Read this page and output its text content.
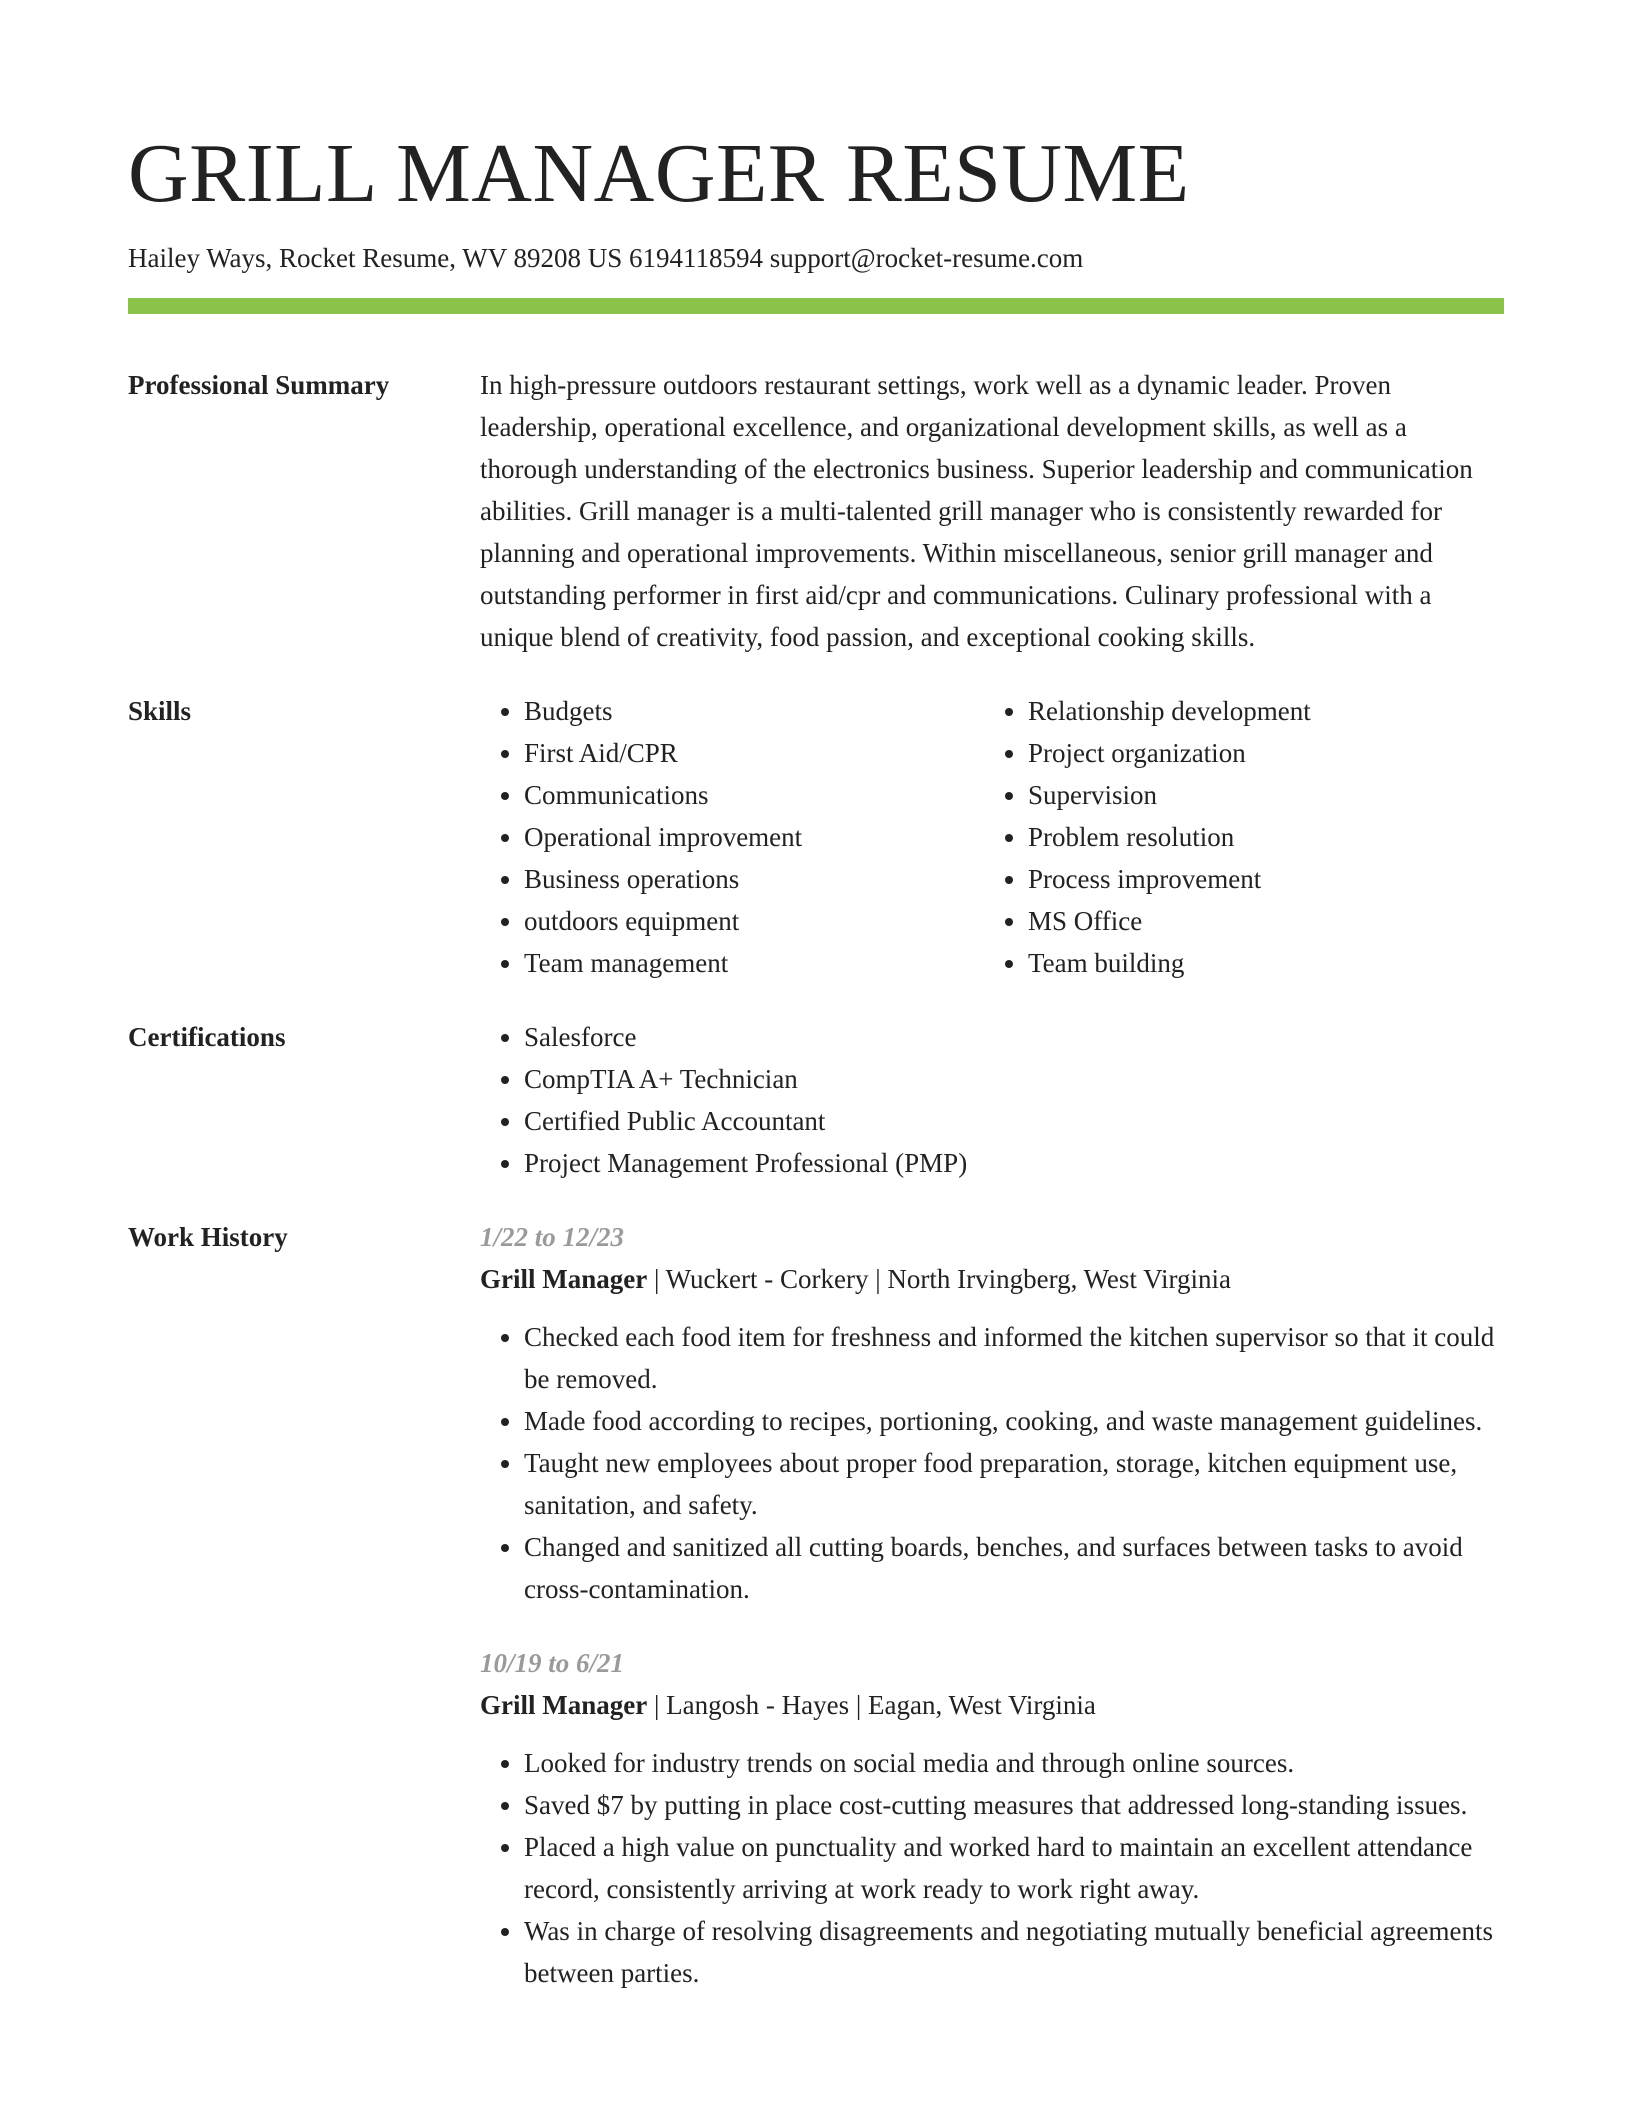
GRILL MANAGER RESUME
Hailey Ways, Rocket Resume, WV 89208 US 6194118594 support@rocket-resume.com
Professional Summary	In high-pressure outdoors restaurant settings, work well as a dynamic leader. Proven leadership, operational excellence, and organizational development skills, as well as a thorough understanding of the electronics business. Superior leadership and communication abilities. Grill manager is a multi-talented grill manager who is consistently rewarded for planning and operational improvements. Within miscellaneous, senior grill manager and outstanding performer in first aid/cpr and communications. Culinary professional with a unique blend of creativity, food passion, and exceptional cooking skills.
Skills	• Budgets
• First Aid/CPR
• Communications
• Operational improvement
• Business operations
• outdoors equipment
• Team management
• Relationship development
• Project organization
• Supervision
• Problem resolution
• Process improvement
• MS Office
• Team building
Certifications	• Salesforce
• CompTIA A+ Technician
• Certified Public Accountant
• Project Management Professional (PMP)
Work History	1/22 to 12/23
Grill Manager | Wuckert - Corkery | North Irvingberg, West Virginia
• Checked each food item for freshness and informed the kitchen supervisor so that it could be removed.
• Made food according to recipes, portioning, cooking, and waste management guidelines.
• Taught new employees about proper food preparation, storage, kitchen equipment use, sanitation, and safety.
• Changed and sanitized all cutting boards, benches, and surfaces between tasks to avoid cross-contamination.
10/19 to 6/21
Grill Manager | Langosh - Hayes | Eagan, West Virginia
• Looked for industry trends on social media and through online sources.
• Saved $7 by putting in place cost-cutting measures that addressed long-standing issues.
• Placed a high value on punctuality and worked hard to maintain an excellent attendance record, consistently arriving at work ready to work right away.
• Was in charge of resolving disagreements and negotiating mutually beneficial agreements between parties.
